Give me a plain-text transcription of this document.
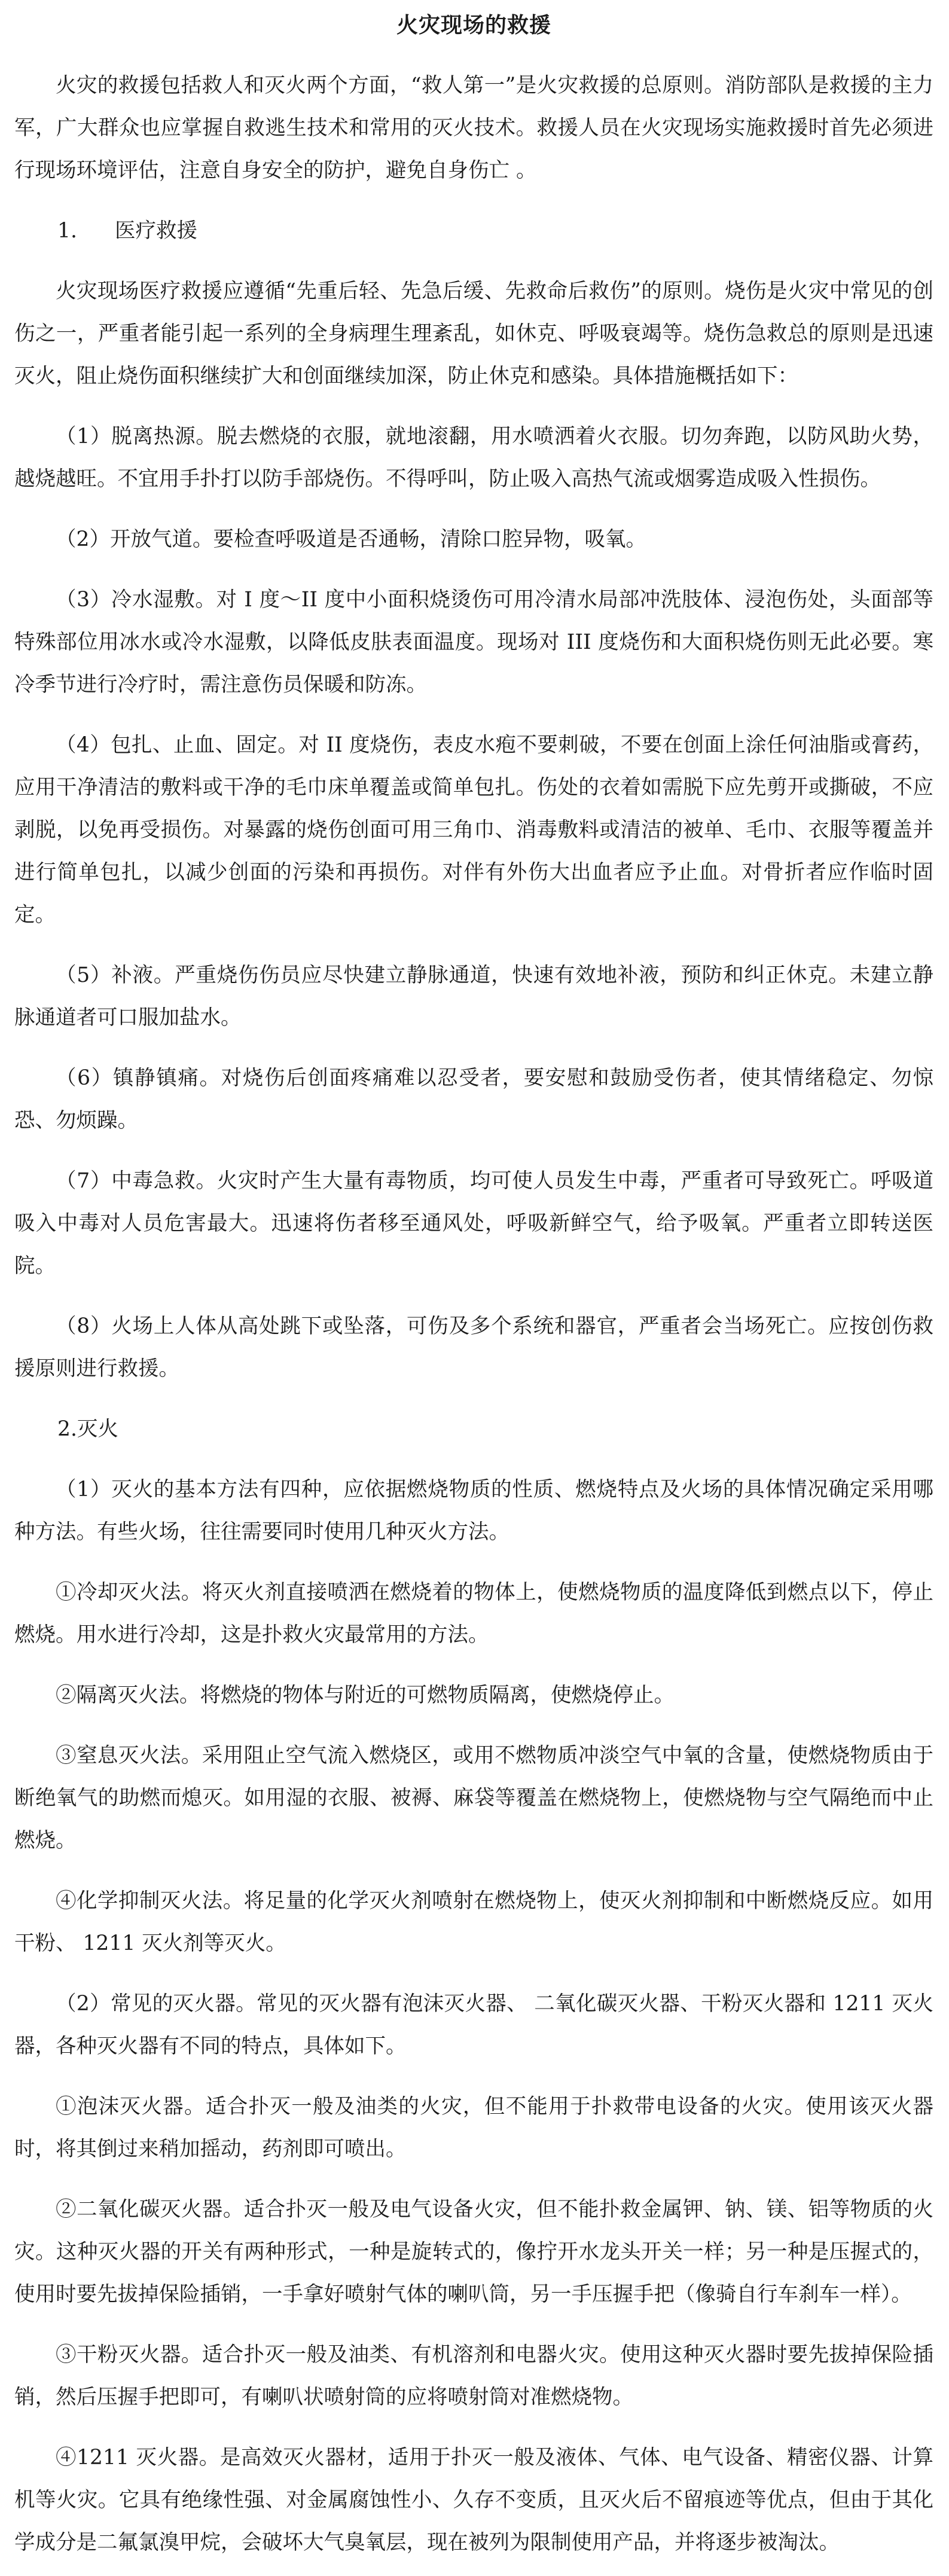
火灾现场的救援

火灾的救援包括救人和灭火两个方面，“救人第一”是火灾救援的总原则。消防部队是救援的主力军，广大群众也应掌握自救逃生技术和常用的灭火技术。救援人员在火灾现场实施救援时首先必须进行现场环境评估，注意自身安全的防护，避免自身伤亡 。

1. 医疗救援

火灾现场医疗救援应遵循“先重后轻、先急后缓、先救命后救伤”的原则。烧伤是火灾中常见的创伤之一，严重者能引起一系列的全身病理生理紊乱，如休克、呼吸衰竭等。烧伤急救总的原则是迅速灭火，阻止烧伤面积继续扩大和创面继续加深，防止休克和感染。具体措施概括如下：

（1）脱离热源。脱去燃烧的衣服，就地滚翻，用水喷洒着火衣服。切勿奔跑，以防风助火势，越烧越旺。不宜用手扑打以防手部烧伤。不得呼叫，防止吸入高热气流或烟雾造成吸入性损伤。

（2）开放气道。要检查呼吸道是否通畅，清除口腔异物，吸氧。

（3）冷水湿敷。对 I 度～II 度中小面积烧烫伤可用冷清水局部冲洗肢体、浸泡伤处，头面部等特殊部位用冰水或冷水湿敷，以降低皮肤表面温度。现场对 III 度烧伤和大面积烧伤则无此必要。寒冷季节进行冷疗时，需注意伤员保暖和防冻。

（4）包扎、止血、固定。对 II 度烧伤，表皮水疱不要刺破，不要在创面上涂任何油脂或膏药，应用干净清洁的敷料或干净的毛巾床单覆盖或简单包扎。伤处的衣着如需脱下应先剪开或撕破，不应剥脱，以免再受损伤。对暴露的烧伤创面可用三角巾、消毒敷料或清洁的被单、毛巾、衣服等覆盖并进行简单包扎，以减少创面的污染和再损伤。对伴有外伤大出血者应予止血。对骨折者应作临时固定。

（5）补液。严重烧伤伤员应尽快建立静脉通道，快速有效地补液，预防和纠正休克。未建立静脉通道者可口服加盐水。

（6）镇静镇痛。对烧伤后创面疼痛难以忍受者，要安慰和鼓励受伤者，使其情绪稳定、勿惊恐、勿烦躁。

（7）中毒急救。火灾时产生大量有毒物质，均可使人员发生中毒，严重者可导致死亡。呼吸道吸入中毒对人员危害最大。迅速将伤者移至通风处，呼吸新鲜空气，给予吸氧。严重者立即转送医院。

（8）火场上人体从高处跳下或坠落，可伤及多个系统和器官，严重者会当场死亡。应按创伤救援原则进行救援。

2.灭火

（1）灭火的基本方法有四种，应依据燃烧物质的性质、燃烧特点及火场的具体情况确定采用哪种方法。有些火场，往往需要同时使用几种灭火方法。

①冷却灭火法。将灭火剂直接喷洒在燃烧着的物体上，使燃烧物质的温度降低到燃点以下，停止燃烧。用水进行冷却，这是扑救火灾最常用的方法。

②隔离灭火法。将燃烧的物体与附近的可燃物质隔离，使燃烧停止。

③窒息灭火法。采用阻止空气流入燃烧区，或用不燃物质冲淡空气中氧的含量，使燃烧物质由于断绝氧气的助燃而熄灭。如用湿的衣服、被褥、麻袋等覆盖在燃烧物上，使燃烧物与空气隔绝而中止燃烧。

④化学抑制灭火法。将足量的化学灭火剂喷射在燃烧物上，使灭火剂抑制和中断燃烧反应。如用干粉、 1211 灭火剂等灭火。

（2）常见的灭火器。常见的灭火器有泡沫灭火器、 二氧化碳灭火器、干粉灭火器和 1211 灭火器，各种灭火器有不同的特点，具体如下。

①泡沫灭火器。适合扑灭一般及油类的火灾，但不能用于扑救带电设备的火灾。使用该灭火器时，将其倒过来稍加摇动，药剂即可喷出。

②二氧化碳灭火器。适合扑灭一般及电气设备火灾，但不能扑救金属钾、钠、镁、铝等物质的火灾。这种灭火器的开关有两种形式，一种是旋转式的，像拧开水龙头开关一样；另一种是压握式的，使用时要先拔掉保险插销，一手拿好喷射气体的喇叭筒，另一手压握手把（像骑自行车刹车一样）。

③干粉灭火器。适合扑灭一般及油类、有机溶剂和电器火灾。使用这种灭火器时要先拔掉保险插销，然后压握手把即可，有喇叭状喷射筒的应将喷射筒对准燃烧物。

④1211 灭火器。是高效灭火器材，适用于扑灭一般及液体、气体、电气设备、精密仪器、计算机等火灾。它具有绝缘性强、对金属腐蚀性小、久存不变质，且灭火后不留痕迹等优点，但由于其化学成分是二氟氯溴甲烷，会破坏大气臭氧层，现在被列为限制使用产品，并将逐步被淘汰。
